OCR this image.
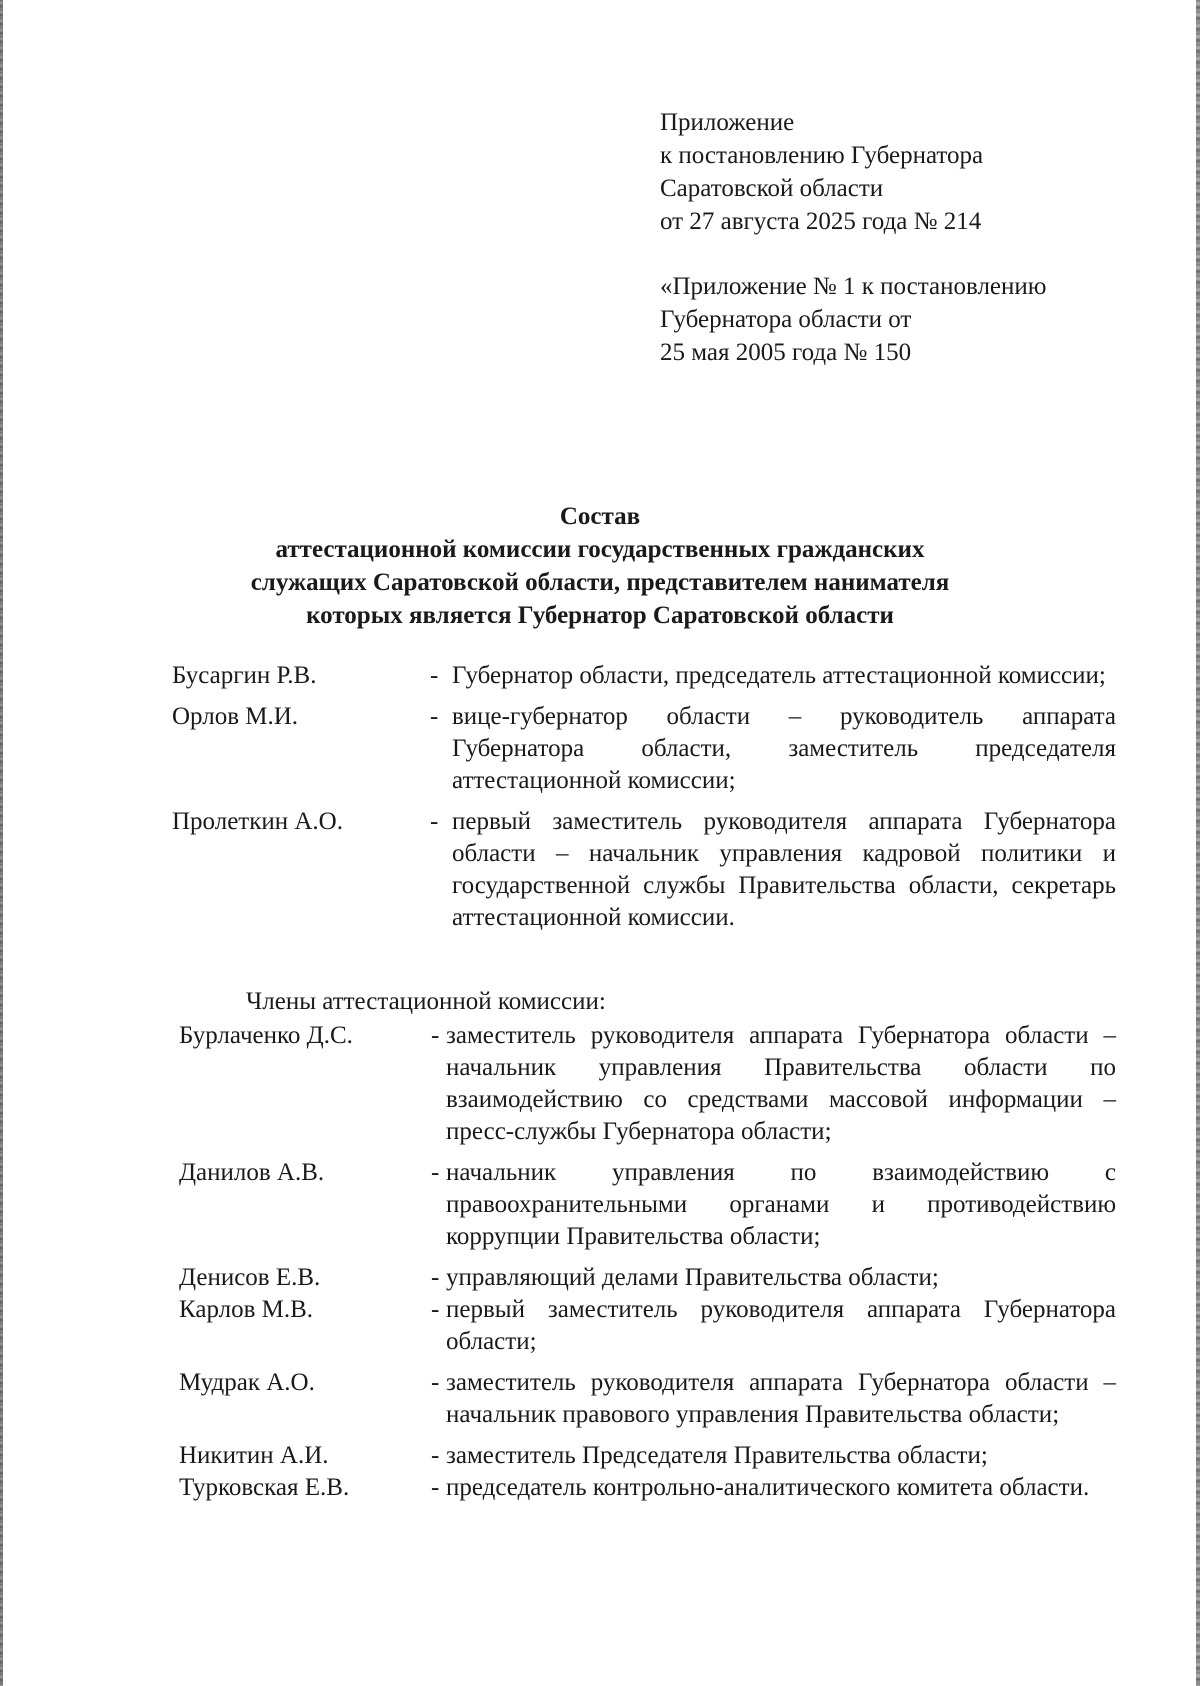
Приложение
к постановлению Губернатора
Саратовской области
от 27 августа 2025 года № 214
«Приложение № 1 к постановлению
Губернатора области от
25 мая 2005 года № 150
Состав
аттестационной комиссии государственных гражданских
служащих Саратовской области, представителем нанимателя
которых является Губернатор Саратовской области
Бусаргин Р.В.	- Губернатор области, председатель аттестационной комиссии;
Орлов М.И.	- вице-губернатор области – руководитель аппарата Губернатора области, заместитель председателя аттестационной комиссии;
Пролеткин А.О.	- первый заместитель руководителя аппарата Губернатора области – начальник управления кадровой политики и государственной службы Правительства области, секретарь аттестационной комиссии.
Члены аттестационной комиссии:
Бурлаченко Д.С.	- заместитель руководителя аппарата Губернатора области – начальник управления Правительства области по взаимодействию со средствами массовой информации – пресс-службы Губернатора области;
Данилов А.В.	- начальник управления по взаимодействию с правоохранительными органами и противодействию коррупции Правительства области;
Денисов Е.В.	- управляющий делами Правительства области;
Карлов М.В.	- первый заместитель руководителя аппарата Губернатора области;
Мудрак А.О.	- заместитель руководителя аппарата Губернатора области – начальник правового управления Правительства области;
Никитин А.И.	- заместитель Председателя Правительства области;
Турковская Е.В.	- председатель контрольно-аналитического комитета области.
